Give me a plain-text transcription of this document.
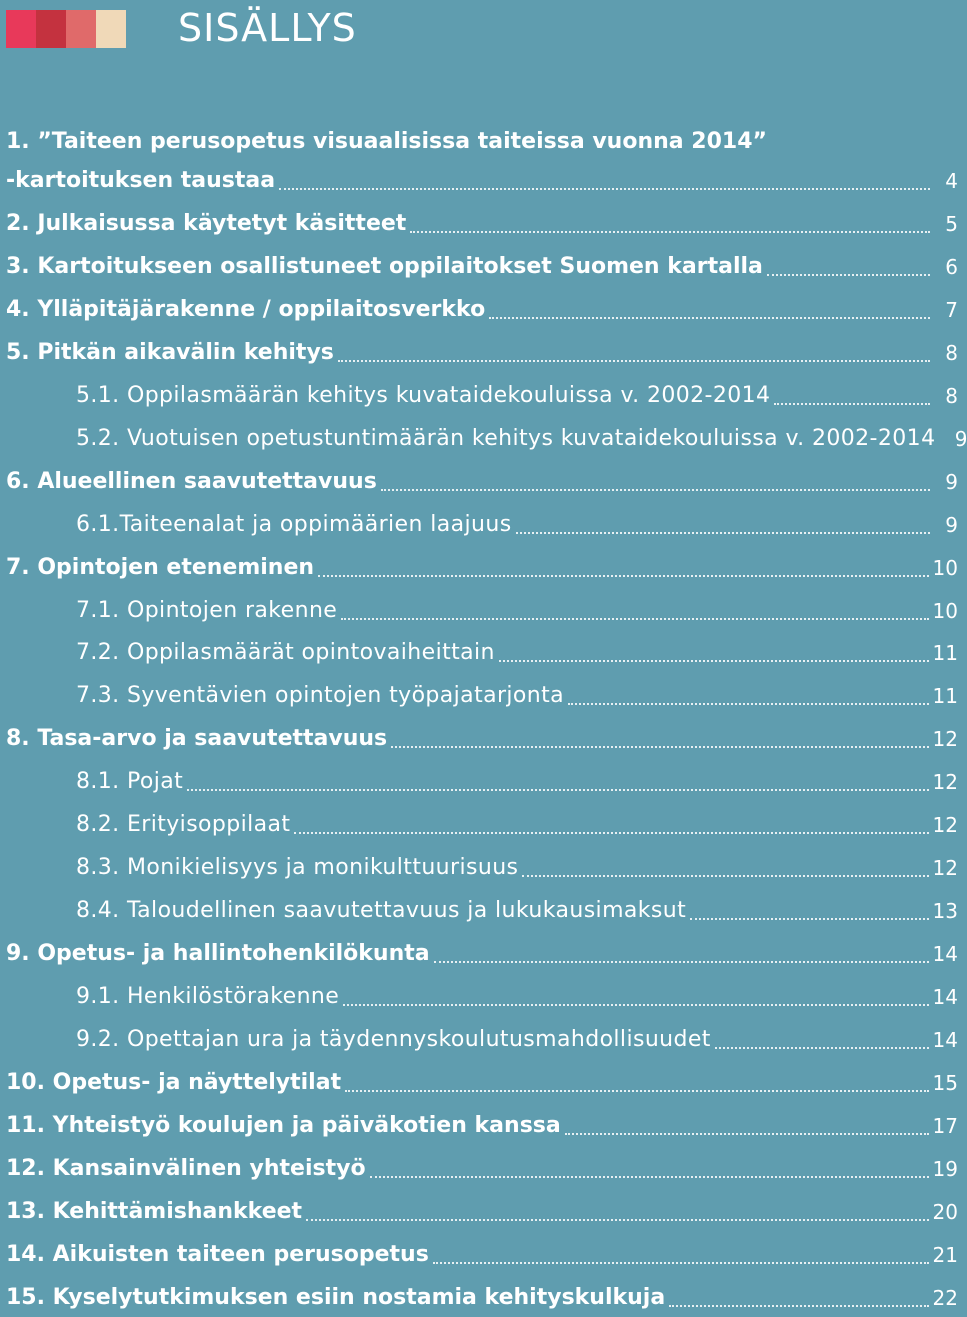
SISÄLLYS
1. ”Taiteen perusopetus visuaalisissa taiteissa vuonna 2014”
-kartoituksen taustaa	4
2. Julkaisussa käytetyt käsitteet	5
3. Kartoitukseen osallistuneet oppilaitokset Suomen kartalla	6
4. Ylläpitäjärakenne / oppilaitosverkko	7
5. Pitkän aikavälin kehitys	8
5.1. Oppilasmäärän kehitys kuvataidekouluissa v. 2002-2014	8
5.2. Vuotuisen opetustuntimäärän kehitys kuvataidekouluissa v. 2002-2014 9
6. Alueellinen saavutettavuus	9
6.1.Taiteenalat ja oppimäärien laajuus	9
7. Opintojen eteneminen	10
7.1. Opintojen rakenne	10
7.2. Oppilasmäärät opintovaiheittain	11
7.3. Syventävien opintojen työpajatarjonta	11
8. Tasa-arvo ja saavutettavuus	12
8.1. Pojat	12
8.2. Erityisoppilaat	12
8.3. Monikielisyys ja monikulttuurisuus	12
8.4. Taloudellinen saavutettavuus ja lukukausimaksut	13
9. Opetus- ja hallintohenkilökunta	14
9.1. Henkilöstörakenne	14
9.2. Opettajan ura ja täydennyskoulutusmahdollisuudet	14
10. Opetus- ja näyttelytilat	15
11. Yhteistyö koulujen ja päiväkotien kanssa	17
12. Kansainvälinen yhteistyö	19
13. Kehittämishankkeet	20
14. Aikuisten taiteen perusopetus	21
15. Kyselytutkimuksen esiin nostamia kehityskulkuja	22
